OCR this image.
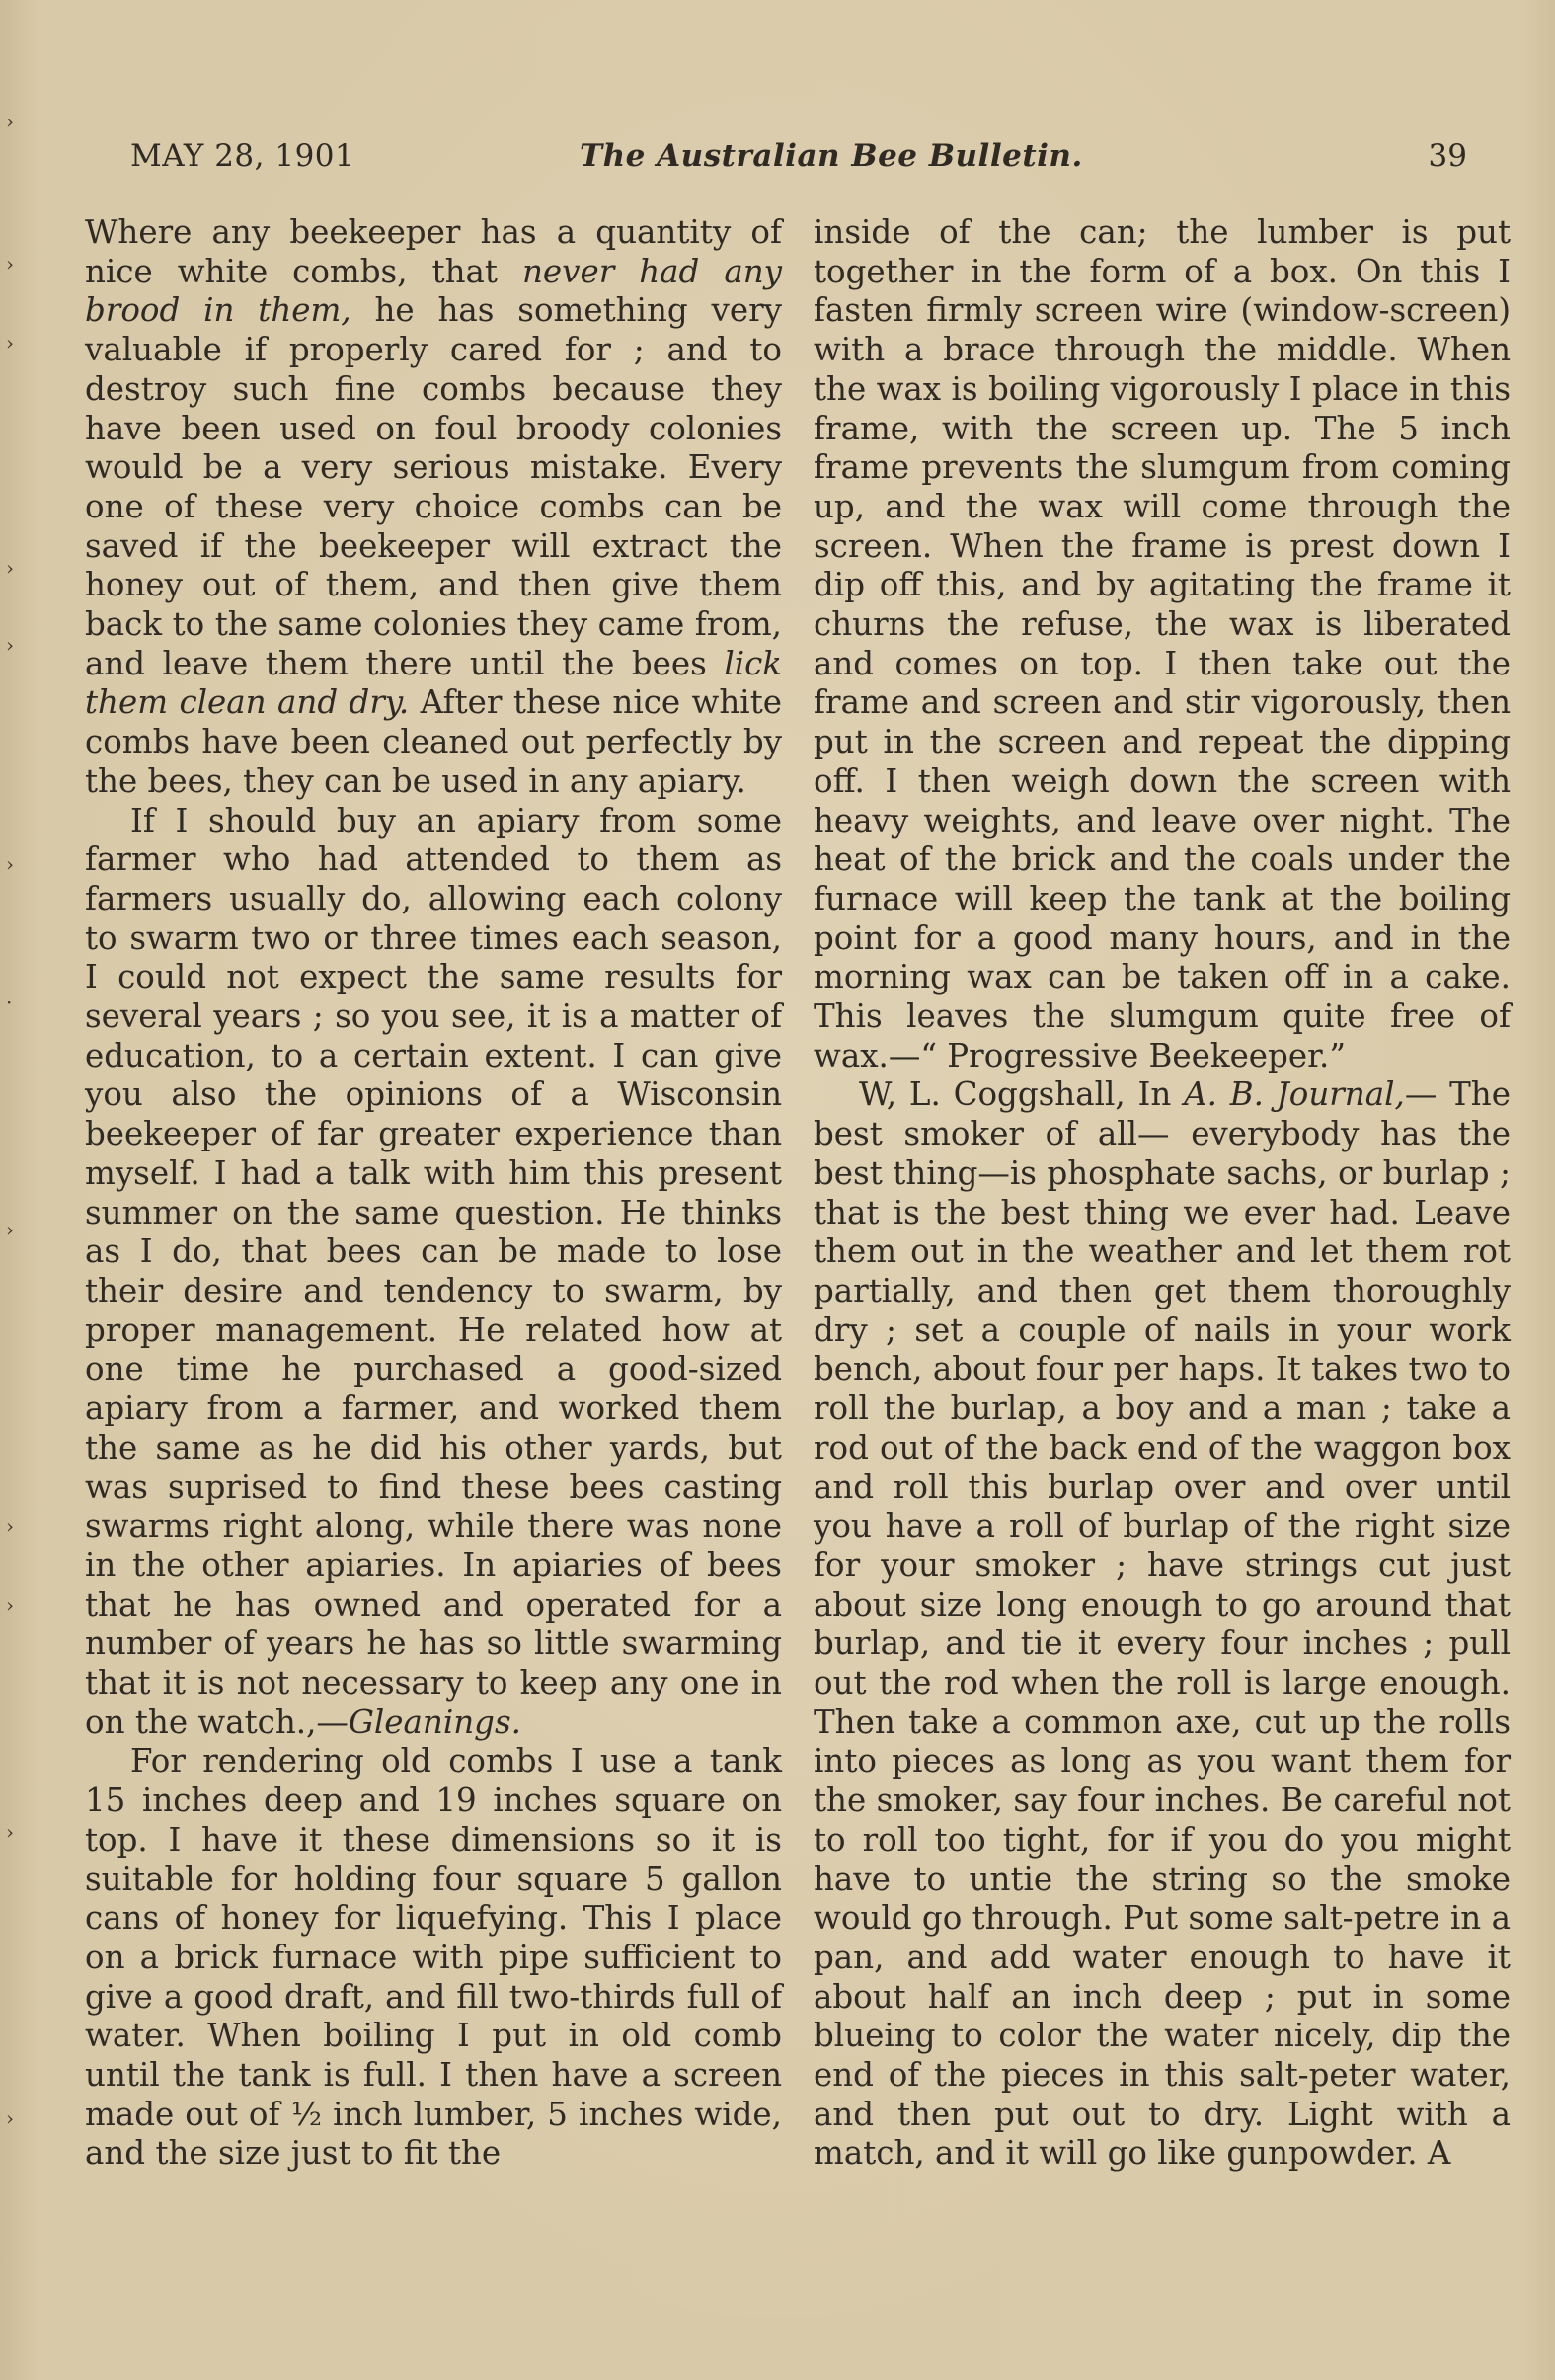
›
›
›
›
›
›
·
›
›
›
›
›
MAY 28, 1901	The Australian Bee Bulletin.	39

Where any beekeeper has a quantity of nice white combs, that never had any brood in them, he has something very valuable if properly cared for ; and to destroy such fine combs because they have been used on foul broody colonies would be a very serious mistake. Every one of these very choice combs can be saved if the beekeeper will extract the honey out of them, and then give them back to the same colonies they came from, and leave them there until the bees lick them clean and dry. After these nice white combs have been cleaned out perfectly by the bees, they can be used in any apiary.

If I should buy an apiary from some farmer who had attended to them as farmers usually do, allowing each colony to swarm two or three times each season, I could not expect the same results for several years ; so you see, it is a matter of education, to a certain extent. I can give you also the opinions of a Wisconsin beekeeper of far greater experience than myself. I had a talk with him this present summer on the same question. He thinks as I do, that bees can be made to lose their desire and tendency to swarm, by proper management. He related how at one time he purchased a good-sized apiary from a farmer, and worked them the same as he did his other yards, but was suprised to find these bees casting swarms right along, while there was none in the other apiaries. In apiaries of bees that he has owned and operated for a number of years he has so little swarming that it is not necessary to keep any one in on the watch.,—Gleanings.

For rendering old combs I use a tank 15 inches deep and 19 inches square on top. I have it these dimensions so it is suitable for holding four square 5 gallon cans of honey for liquefying. This I place on a brick furnace with pipe sufficient to give a good draft, and fill two-thirds full of water. When boiling I put in old comb until the tank is full. I then have a screen made out of ½ inch lumber, 5 inches wide, and the size just to fit the

inside of the can; the lumber is put together in the form of a box. On this I fasten firmly screen wire (window-screen) with a brace through the middle. When the wax is boiling vigorously I place in this frame, with the screen up. The 5 inch frame prevents the slumgum from coming up, and the wax will come through the screen. When the frame is prest down I dip off this, and by agitating the frame it churns the refuse, the wax is liberated and comes on top. I then take out the frame and screen and stir vigorously, then put in the screen and repeat the dipping off. I then weigh down the screen with heavy weights, and leave over night. The heat of the brick and the coals under the furnace will keep the tank at the boiling point for a good many hours, and in the morning wax can be taken off in a cake. This leaves the slumgum quite free of wax.—“ Progressive Beekeeper.”

W, L. Coggshall, In A. B. Journal,— The best smoker of all— everybody has the best thing—is phosphate sachs, or burlap ; that is the best thing we ever had. Leave them out in the weather and let them rot partially, and then get them thoroughly dry ; set a couple of nails in your work bench, about four per haps. It takes two to roll the burlap, a boy and a man ; take a rod out of the back end of the waggon box and roll this burlap over and over until you have a roll of burlap of the right size for your smoker ; have strings cut just about size long enough to go around that burlap, and tie it every four inches ; pull out the rod when the roll is large enough. Then take a common axe, cut up the rolls into pieces as long as you want them for the smoker, say four inches. Be careful not to roll too tight, for if you do you might have to untie the string so the smoke would go through. Put some salt-petre in a pan, and add water enough to have it about half an inch deep ; put in some blueing to color the water nicely, dip the end of the pieces in this salt-peter water, and then put out to dry. Light with a match, and it will go like gunpowder. A
